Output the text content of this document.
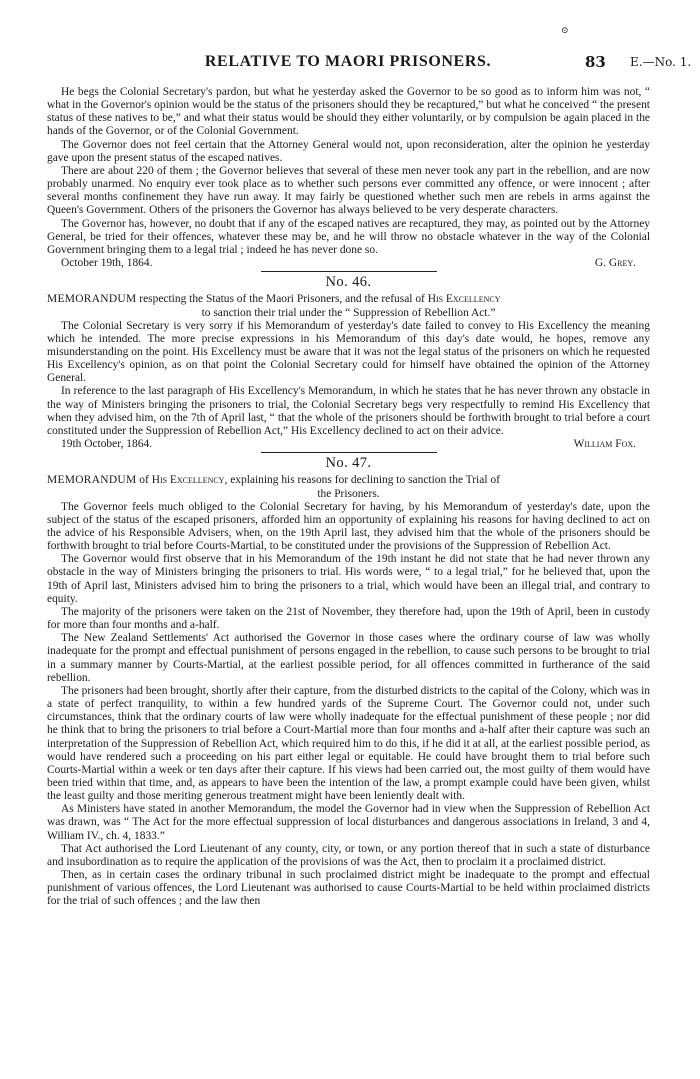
⊙
RELATIVE TO MAORI PRISONERS.	83 E.—No. 1.

He begs the Colonial Secretary's pardon, but what he yesterday asked the Governor to be so good as to inform him was not, “ what in the Governor's opinion would be the status of the prisoners should they be recaptured,” but what he conceived “ the present status of these natives to be,” and what their status would be should they either voluntarily, or by compulsion be again placed in the hands of the Governor, or of the Colonial Government.

The Governor does not feel certain that the Attorney General would not, upon reconsideration, alter the opinion he yesterday gave upon the present status of the escaped natives.

There are about 220 of them ; the Governor believes that several of these men never took any part in the rebellion, and are now probably unarmed. No enquiry ever took place as to whether such persons ever committed any offence, or were innocent ; after several months confinement they have run away. It may fairly be questioned whether such men are rebels in arms against the Queen's Government. Others of the prisoners the Governor has always believed to be very desperate characters.

The Governor has, however, no doubt that if any of the escaped natives are recaptured, they may, as pointed out by the Attorney General, be tried for their offences, whatever these may be, and he will throw no obstacle whatever in the way of the Colonial Government bringing them to a legal trial ; indeed he has never done so.

October 19th, 1864.	G. Grey.

No. 46.

MEMORANDUM respecting the Status of the Maori Prisoners, and the refusal of His Excellency
to sanction their trial under the “ Suppression of Rebellion Act.”

The Colonial Secretary is very sorry if his Memorandum of yesterday's date failed to convey to His Excellency the meaning which he intended. The more precise expressions in his Memorandum of this day's date would, he hopes, remove any misunderstanding on the point. His Excellency must be aware that it was not the legal status of the prisoners on which he requested His Excellency's opinion, as on that point the Colonial Secretary could for himself have obtained the opinion of the Attorney General.

In reference to the last paragraph of His Excellency's Memorandum, in which he states that he has never thrown any obstacle in the way of Ministers bringing the prisoners to trial, the Colonial Secretary begs very respectfully to remind His Excellency that when they advised him, on the 7th of April last, “ that the whole of the prisoners should be forthwith brought to trial before a court constituted under the Suppression of Rebellion Act,” His Excellency declined to act on their advice.

19th October, 1864.	William Fox.

No. 47.

MEMORANDUM of His Excellency, explaining his reasons for declining to sanction the Trial of
the Prisoners.

The Governor feels much obliged to the Colonial Secretary for having, by his Memorandum of yesterday's date, upon the subject of the status of the escaped prisoners, afforded him an opportunity of explaining his reasons for having declined to act on the advice of his Responsible Advisers, when, on the 19th April last, they advised him that the whole of the prisoners should be forthwith brought to trial before Courts-Martial, to be constituted under the provisions of the Suppression of Rebellion Act.

The Governor would first observe that in his Memorandum of the 19th instant he did not state that he had never thrown any obstacle in the way of Ministers bringing the prisoners to trial. His words were, “ to a legal trial,” for he believed that, upon the 19th of April last, Ministers advised him to bring the prisoners to a trial, which would have been an illegal trial, and contrary to equity.

The majority of the prisoners were taken on the 21st of November, they therefore had, upon the 19th of April, been in custody for more than four months and a-half.

The New Zealand Settlements' Act authorised the Governor in those cases where the ordinary course of law was wholly inadequate for the prompt and effectual punishment of persons engaged in the rebellion, to cause such persons to be brought to trial in a summary manner by Courts-Martial, at the earliest possible period, for all offences committed in furtherance of the said rebellion.

The prisoners had been brought, shortly after their capture, from the disturbed districts to the capital of the Colony, which was in a state of perfect tranquility, to within a few hundred yards of the Supreme Court. The Governor could not, under such circumstances, think that the ordinary courts of law were wholly inadequate for the effectual punishment of these people ; nor did he think that to bring the prisoners to trial before a Court-Martial more than four months and a-half after their capture was such an interpretation of the Suppression of Rebellion Act, which required him to do this, if he did it at all, at the earliest possible period, as would have rendered such a proceeding on his part either legal or equitable. He could have brought them to trial before such Courts-Martial within a week or ten days after their capture. If his views had been carried out, the most guilty of them would have been tried within that time, and, as appears to have been the intention of the law, a prompt example could have been given, whilst the least guilty and those meriting generous treatment might have been leniently dealt with.

As Ministers have stated in another Memorandum, the model the Governor had in view when the Suppression of Rebellion Act was drawn, was “ The Act for the more effectual suppression of local disturbances and dangerous associations in Ireland, 3 and 4, William IV., ch. 4, 1833.”

That Act authorised the Lord Lieutenant of any county, city, or town, or any portion thereof that in such a state of disturbance and insubordination as to require the application of the provisions of was the Act, then to proclaim it a proclaimed district.

Then, as in certain cases the ordinary tribunal in such proclaimed district might be inadequate to the prompt and effectual punishment of various offences, the Lord Lieutenant was authorised to cause Courts-Martial to be held within proclaimed districts for the trial of such offences ; and the law then
